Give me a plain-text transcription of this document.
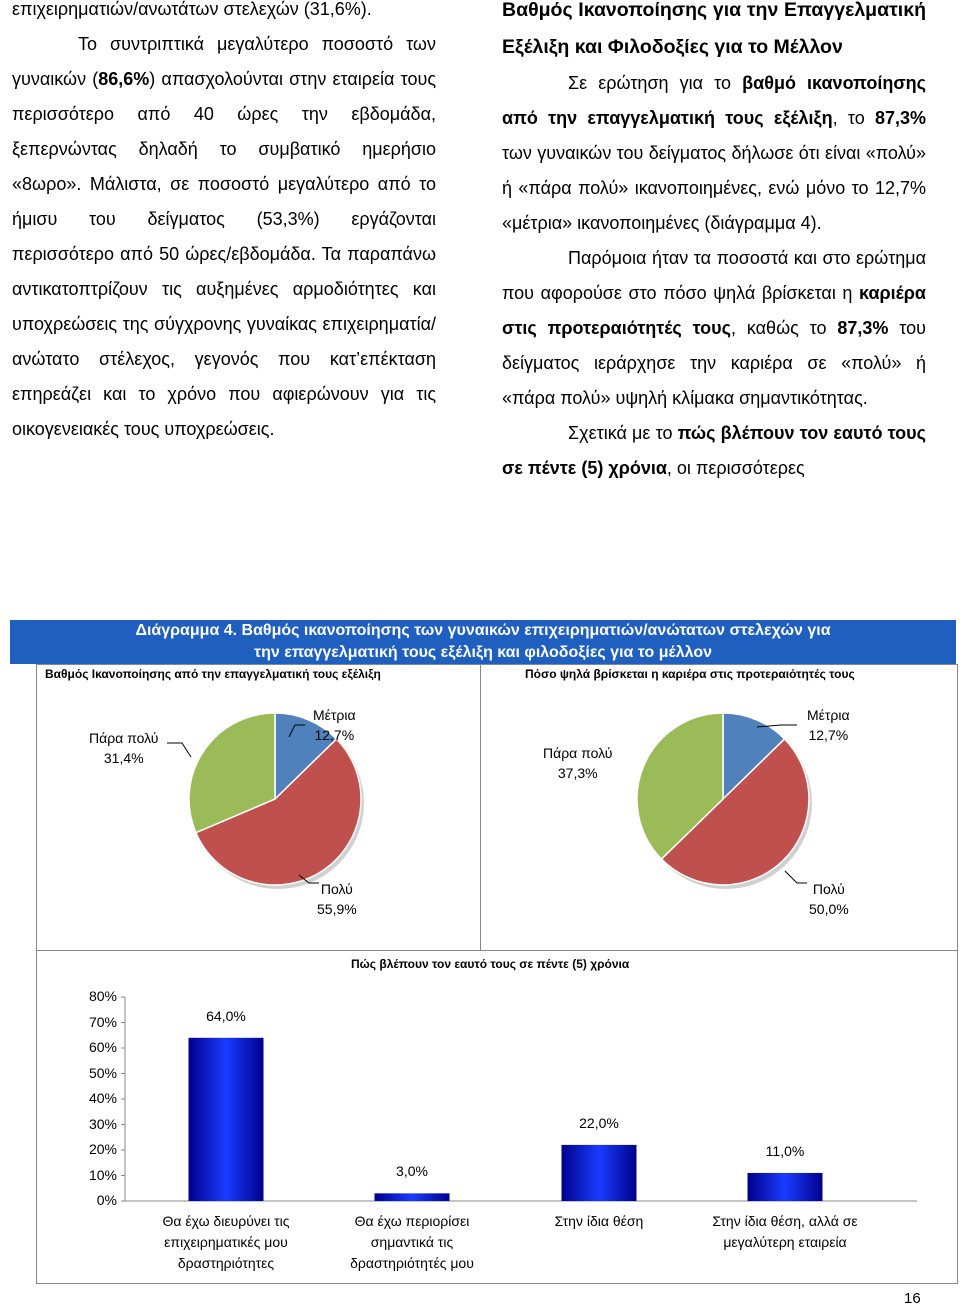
επιχειρηματιών/ανωτάτων στελεχών (31,6%).

Το συντριπτικά μεγαλύτερο ποσοστό των γυναικών (86,6%) απασχολούνται στην εταιρεία τους περισσότερο από 40 ώρες την εβδομάδα, ξεπερνώντας δηλαδή το συμβατικό ημερήσιο «8ωρο». Μάλιστα, σε ποσοστό μεγαλύτερο από το ήμισυ του δείγματος (53,3%) εργάζονται περισσότερο από 50 ώρες/εβδομάδα. Τα παραπάνω αντικατοπτρίζουν τις αυξημένες αρμοδιότητες και υποχρεώσεις της σύγχρονης γυναίκας επιχειρηματία/ανώτατο στέλεχος, γεγονός που κατ’επέκταση επηρεάζει και το χρόνο που αφιερώνουν για τις οικογενειακές τους υποχρεώσεις.

Βαθμός Ικανοποίησης για την Επαγγελματική Εξέλιξη και Φιλοδοξίες για το Μέλλον

Σε ερώτηση για το βαθμό ικανοποίησης από την επαγγελματική τους εξέλιξη, το 87,3% των γυναικών του δείγματος δήλωσε ότι είναι «πολύ» ή «πάρα πολύ» ικανοποιημένες, ενώ μόνο το 12,7% «μέτρια» ικανοποιημένες (διάγραμμα 4).

Παρόμοια ήταν τα ποσοστά και στο ερώτημα που αφορούσε στο πόσο ψηλά βρίσκεται η καριέρα στις προτεραιότητές τους, καθώς το 87,3% του δείγματος ιεράρχησε την καριέρα σε «πολύ» ή «πάρα πολύ» υψηλή κλίμακα σημαντικότητας.

Σχετικά με το πώς βλέπουν τον εαυτό τους σε πέντε (5) χρόνια, οι περισσότερες

Διάγραμμα 4. Βαθμός ικανοποίησης των γυναικών επιχειρηματιών/ανώτατων στελεχών για
την επαγγελματική τους εξέλιξη και φιλοδοξίες για το μέλλον
Βαθμός Ικανοποίησης από την επαγγελματική τους εξέλιξη
Μέτρια
12,7%
Πάρα πολύ
31,4%
Πολύ
55,9%
Πόσο ψηλά βρίσκεται η καριέρα στις προτεραιότητές τους
Μέτρια
12,7%
Πάρα πολύ
37,3%
Πολύ
50,0%
Πώς βλέπουν τον εαυτό τους σε πέντε (5) χρόνια
0%
10%
20%
30%
40%
50%
60%
70%
80%
64,0%
Θα έχω διευρύνει τις
επιχειρηματικές μου
δραστηριότητες
3,0%
Θα έχω περιορίσει
σημαντικά τις
δραστηριότητές μου
22,0%
Στην ίδια θέση
11,0%
Στην ίδια θέση, αλλά σε
μεγαλύτερη εταιρεία
16
